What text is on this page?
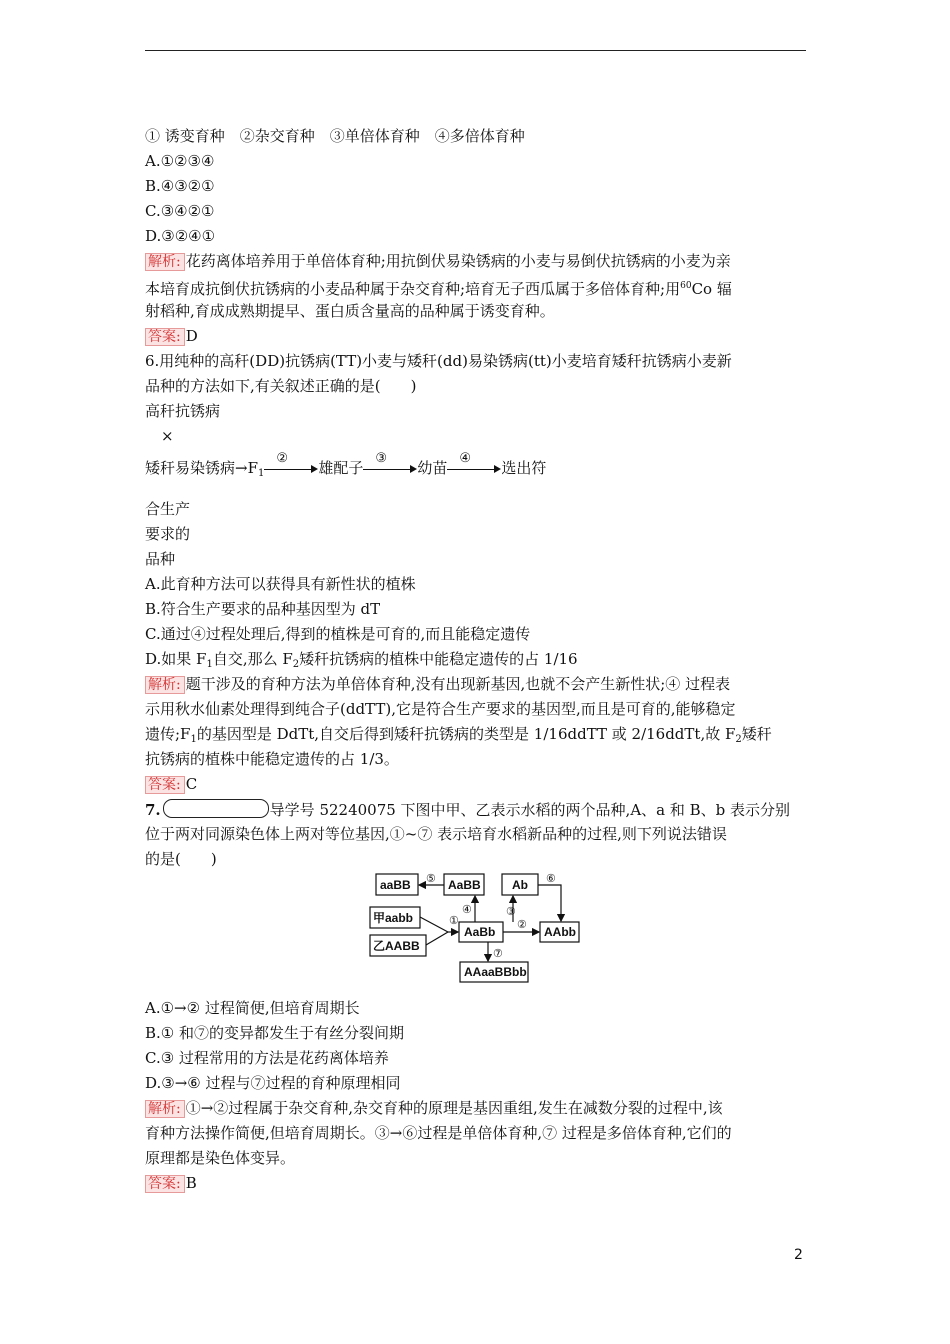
① 诱变育种　②杂交育种　③单倍体育种　④多倍体育种
A.①②③④
B.④③②①
C.③④②①
D.③②④①
解析: 花药离体培养用于单倍体育种;用抗倒伏易染锈病的小麦与易倒伏抗锈病的小麦为亲
本培育成抗倒伏抗锈病的小麦品种属于杂交育种;培育无子西瓜属于多倍体育种;用$^{60}$Co 辐
射稻种,育成成熟期提早、蛋白质含量高的品种属于诱变育种。
答案: D
6.用纯种的高秆(DD)抗锈病(TT)小麦与矮秆(dd)易染锈病(tt)小麦培育矮秆抗锈病小麦新
品种的方法如下,有关叙述正确的是(　　)
高秆抗锈病
×
矮秆易染锈病$\to F_1$
②
雄配子
③
幼苗
④
选出符
合生产
要求的
品种
A.此育种方法可以获得具有新性状的植株
B.符合生产要求的品种基因型为 dT
C.通过④过程处理后,得到的植株是可育的,而且能稳定遗传
D.如果 $F_1$自交,那么 $F_2$矮秆抗锈病的植株中能稳定遗传的占 1/16
解析: 题干涉及的育种方法为单倍体育种,没有出现新基因,也就不会产生新性状;④ 过程表
示用秋水仙素处理得到纯合子(ddTT),它是符合生产要求的基因型,而且是可育的,能够稳定
遗传$;F_1$的基因型是 DdTt,自交后得到矮秆抗锈病的类型是 1/16ddTT 或 2/16ddTt,故 $F_2$矮秆
抗锈病的植株中能稳定遗传的占 1/3。
答案: C
7.	导学号 52240075 下图中甲、乙表示水稻的两个品种,A、a 和 B、b 表示分别
位于两对同源染色体上两对等位基因,①~⑦ 表示培育水稻新品种的过程,则下列说法错误
的是(　　)
aaBB	AaBB	Ab
甲aabb
乙AABB
AaBb	AAbb
AAaaBBbb
⑤
①
④	③
②
⑥
⑦
A.①→② 过程简便,但培育周期长
B.① 和⑦的变异都发生于有丝分裂间期
C.③ 过程常用的方法是花药离体培养
D.③→⑥ 过程与⑦过程的育种原理相同
解析: ①→②过程属于杂交育种,杂交育种的原理是基因重组,发生在减数分裂的过程中,该
育种方法操作简便,但培育周期长。③→⑥过程是单倍体育种,⑦ 过程是多倍体育种,它们的
原理都是染色体变异。
答案: B
2
